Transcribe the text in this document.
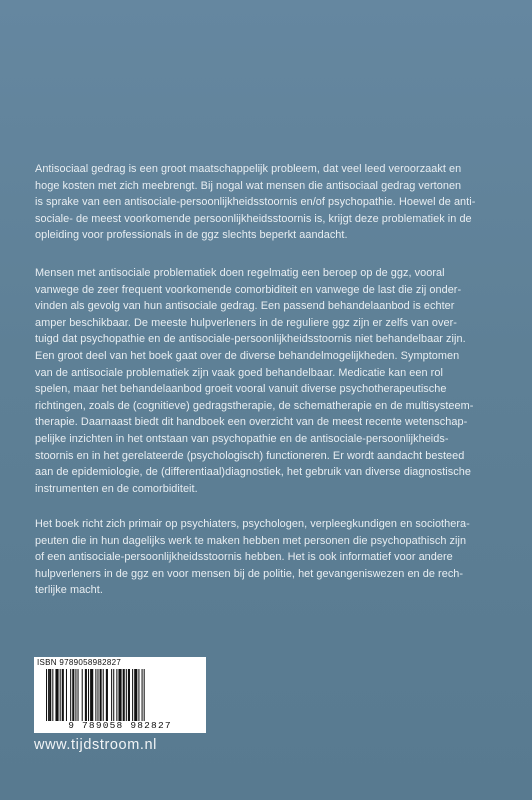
Antisociaal gedrag is een groot maatschappelijk probleem, dat veel leed veroorzaakt en
hoge kosten met zich meebrengt. Bij nogal wat mensen die antisociaal gedrag vertonen
is sprake van een antisociale-persoonlijkheidsstoornis en/of psychopathie. Hoewel de anti-
sociale- de meest voorkomende persoonlijkheidsstoornis is, krijgt deze problematiek in de
opleiding voor professionals in de ggz slechts beperkt aandacht.
Mensen met antisociale problematiek doen regelmatig een beroep op de ggz, vooral
vanwege de zeer frequent voorkomende comorbiditeit en vanwege de last die zij onder-
vinden als gevolg van hun antisociale gedrag. Een passend behandelaanbod is echter
amper beschikbaar. De meeste hulpverleners in de reguliere ggz zijn er zelfs van over-
tuigd dat psychopathie en de antisociale-persoonlijkheidsstoornis niet behandelbaar zijn.
Een groot deel van het boek gaat over de diverse behandelmogelijkheden. Symptomen
van de antisociale problematiek zijn vaak goed behandelbaar. Medicatie kan een rol
spelen, maar het behandelaanbod groeit vooral vanuit diverse psychotherapeutische
richtingen, zoals de (cognitieve) gedragstherapie, de schematherapie en de multisysteem-
therapie. Daarnaast biedt dit handboek een overzicht van de meest recente wetenschap-
pelijke inzichten in het ontstaan van psychopathie en de antisociale-persoonlijkheids-
stoornis en in het gerelateerde (psychologisch) functioneren. Er wordt aandacht besteed
aan de epidemiologie, de (differentiaal)diagnostiek, het gebruik van diverse diagnostische
instrumenten en de comorbiditeit.
Het boek richt zich primair op psychiaters, psychologen, verpleegkundigen en sociothera-
peuten die in hun dagelijks werk te maken hebben met personen die psychopathisch zijn
of een antisociale-persoonlijkheidsstoornis hebben. Het is ook informatief voor andere
hulpverleners in de ggz en voor mensen bij de politie, het gevangeniswezen en de rech-
terlijke macht.
ISBN 9789058982827
9 789058 982827
www.tijdstroom.nl
